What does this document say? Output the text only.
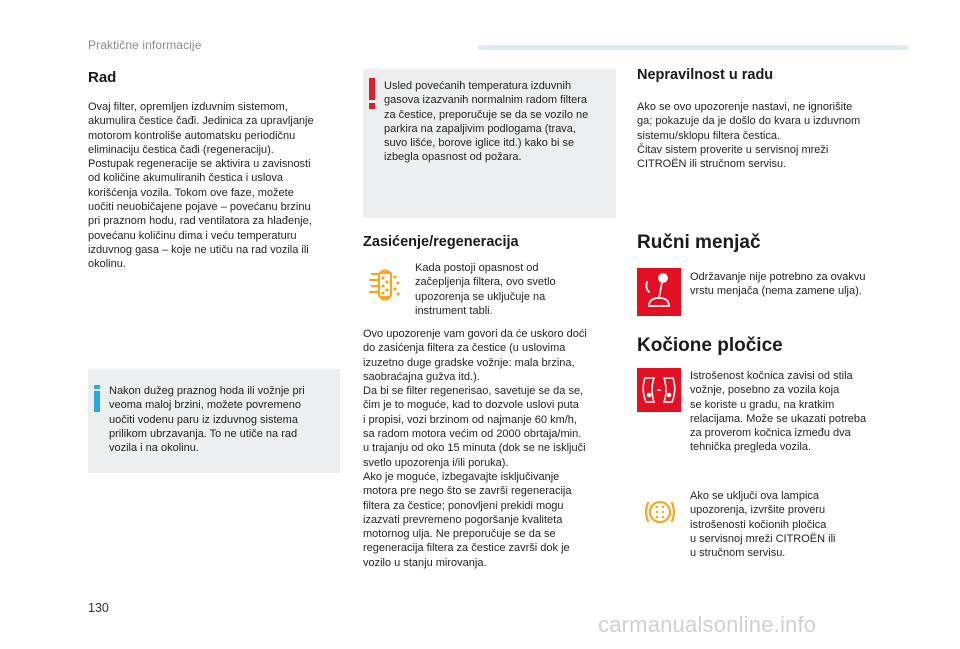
Praktične informacije
Rad
Ovaj filter, opremljen izduvnim sistemom,
akumulira čestice čađi. Jedinica za upravljanje
motorom kontroliše automatsku periodičnu
eliminaciju čestica čađi (regeneraciju).
Postupak regeneracije se aktivira u zavisnosti
od količine akumuliranih čestica i uslova
korišćenja vozila. Tokom ove faze, možete
uočiti neuobičajene pojave – povećanu brzinu
pri praznom hodu, rad ventilatora za hlađenje,
povećanu količinu dima i veću temperaturu
izduvnog gasa – koje ne utiču na rad vozila ili
okolinu.
Nakon dužeg praznog hoda ili vožnje pri
veoma maloj brzini, možete povremeno
uočiti vodenu paru iz izduvnog sistema
prilikom ubrzavanja. To ne utiče na rad
vozila i na okolinu.
Usled povećanih temperatura izduvnih
gasova izazvanih normalnim radom filtera
za čestice, preporučuje se da se vozilo ne
parkira na zapaljivim podlogama (trava,
suvo lišće, borove iglice itd.) kako bi se
izbegla opasnost od požara.
Zasićenje/regeneracija
Kada postoji opasnost od
začepljenja filtera, ovo svetlo
upozorenja se uključuje na
instrument tabli.
Ovo upozorenje vam govori da će uskoro doći
do zasićenja filtera za čestice (u uslovima
izuzetno duge gradske vožnje: mala brzina,
saobraćajna gužva itd.).
Da bi se filter regenerisao, savetuje se da se,
čim je to moguće, kad to dozvole uslovi puta
i propisi, vozi brzinom od najmanje 60 km/h,
sa radom motora većim od 2000 obrtaja/min.
u trajanju od oko 15 minuta (dok se ne isključi
svetlo upozorenja i/ili poruka).
Ako je moguće, izbegavajte isključivanje
motora pre nego što se završi regeneracija
filtera za čestice; ponovljeni prekidi mogu
izazvati prevremeno pogoršanje kvaliteta
motornog ulja. Ne preporučuje se da se
regeneracija filtera za čestice završi dok je
vozilo u stanju mirovanja.
Nepravilnost u radu
Ako se ovo upozorenje nastavi, ne ignorišite
ga; pokazuje da je došlo do kvara u izduvnom
sistemu/sklopu filtera čestica.
Čitav sistem proverite u servisnoj mreži
CITROËN ili stručnom servisu.
Ručni menjač
Održavanje nije potrebno za ovakvu
vrstu menjača (nema zamene ulja).
Kočione pločice
Istrošenost kočnica zavisi od stila
vožnje, posebno za vozila koja
se koriste u gradu, na kratkim
relacijama. Može se ukazati potreba
za proverom kočnica između dva
tehnička pregleda vozila.
Ako se uključi ova lampica
upozorenja, izvršite proveru
istrošenosti kočionih pločica
u servisnoj mreži CITROËN ili
u stručnom servisu.
130
carmanualsonline.info
